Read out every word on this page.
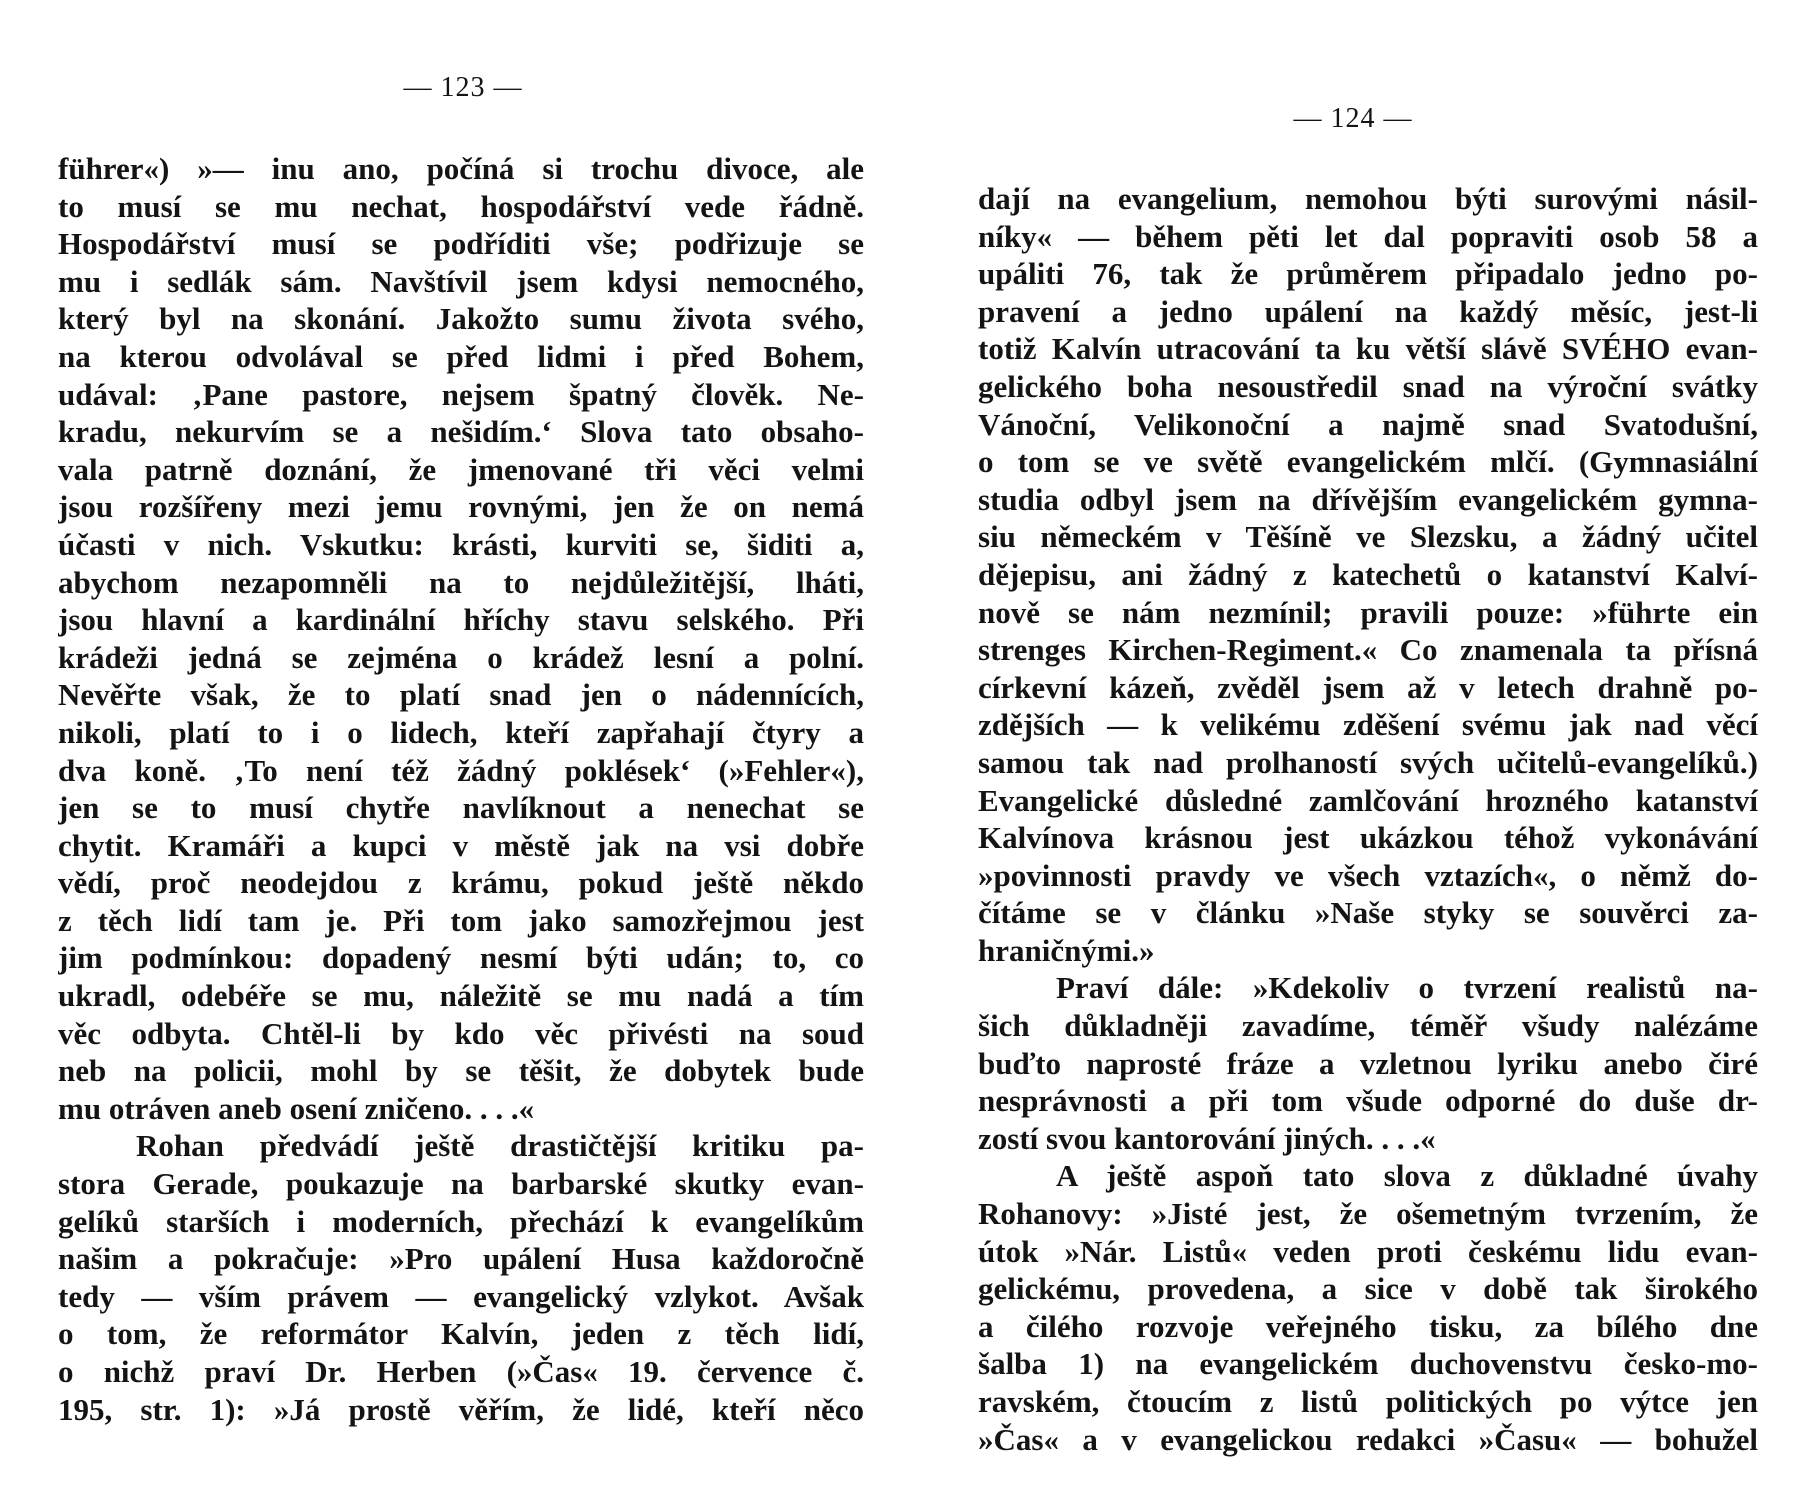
— 123 —
führer«) »— inu ano, počíná si trochu divoce, ale
to musí se mu nechat, hospodářství vede řádně.
Hospodářství musí se podříditi vše; podřizuje se
mu i sedlák sám. Navštívil jsem kdysi nemocného,
který byl na skonání. Jakožto sumu života svého,
na kterou odvolával se před lidmi i před Bohem,
udával: ‚Pane pastore, nejsem špatný člověk. Ne-
kradu, nekurvím se a nešidím.‘ Slova tato obsaho-
vala patrně doznání, že jmenované tři věci velmi
jsou rozšířeny mezi jemu rovnými, jen že on nemá
účasti v nich. Vskutku: krásti, kurviti se, šiditi a,
abychom nezapomněli na to nejdůležitější, lháti,
jsou hlavní a kardinální hříchy stavu selského. Při
krádeži jedná se zejména o krádež lesní a polní.
Nevěřte však, že to platí snad jen o nádennících,
nikoli, platí to i o lidech, kteří zapřahají čtyry a
dva koně. ‚To není též žádný poklések‘ (»Fehler«),
jen se to musí chytře navlíknout a nenechat se
chytit. Kramáři a kupci v městě jak na vsi dobře
vědí, proč neodejdou z krámu, pokud ještě někdo
z těch lidí tam je. Při tom jako samozřejmou jest
jim podmínkou: dopadený nesmí býti udán; to, co
ukradl, odebéře se mu, náležitě se mu nadá a tím
věc odbyta. Chtěl-li by kdo věc přivésti na soud
neb na policii, mohl by se těšit, že dobytek bude
mu otráven aneb osení zničeno. . . .«
Rohan předvádí ještě drastičtější kritiku pa-
stora Gerade, poukazuje na barbarské skutky evan-
gelíků starších i moderních, přechází k evangelíkům
našim a pokračuje: »Pro upálení Husa každoročně
tedy — vším právem — evangelický vzlykot. Avšak
o tom, že reformátor Kalvín, jeden z těch lidí,
o nichž praví Dr. Herben (»Čas« 19. července č.
195, str. 1): »Já prostě věřím, že lidé, kteří něco
— 124 —
dají na evangelium, nemohou býti surovými násil-
níky« — během pěti let dal popraviti osob 58 a
upáliti 76, tak že průměrem připadalo jedno po-
pravení a jedno upálení na každý měsíc, jest-li
totiž Kalvín utracování ta ku větší slávě SVÉHO evan-
gelického boha nesoustředil snad na výroční svátky
Vánoční, Velikonoční a najmě snad Svatodušní,
o tom se ve světě evangelickém mlčí. (Gymnasiální
studia odbyl jsem na dřívějším evangelickém gymna-
siu německém v Těšíně ve Slezsku, a žádný učitel
dějepisu, ani žádný z katechetů o katanství Kalví-
nově se nám nezmínil; pravili pouze: »führte ein
strenges Kirchen-Regiment.« Co znamenala ta přísná
církevní kázeň, zvěděl jsem až v letech drahně po-
zdějších — k velikému zděšení svému jak nad věcí
samou tak nad prolhaností svých učitelů-evangelíků.)
Evangelické důsledné zamlčování hrozného katanství
Kalvínova krásnou jest ukázkou téhož vykonávání
»povinnosti pravdy ve všech vztazích«, o němž do-
čítáme se v článku »Naše styky se souvěrci za-
hraničnými.»
Praví dále: »Kdekoliv o tvrzení realistů na-
šich důkladněji zavadíme, téměř všudy nalézáme
buďto naprosté fráze a vzletnou lyriku anebo čiré
nesprávnosti a při tom všude odporné do duše dr-
zostí svou kantorování jiných. . . .«
A ještě aspoň tato slova z důkladné úvahy
Rohanovy: »Jisté jest, že ošemetným tvrzením, že
útok »Nár. Listů« veden proti českému lidu evan-
gelickému, provedena, a sice v době tak širokého
a čilého rozvoje veřejného tisku, za bílého dne
šalba 1) na evangelickém duchovenstvu česko-mo-
ravském, čtoucím z listů politických po výtce jen
»Čas« a v evangelickou redakci »Času« — bohužel
